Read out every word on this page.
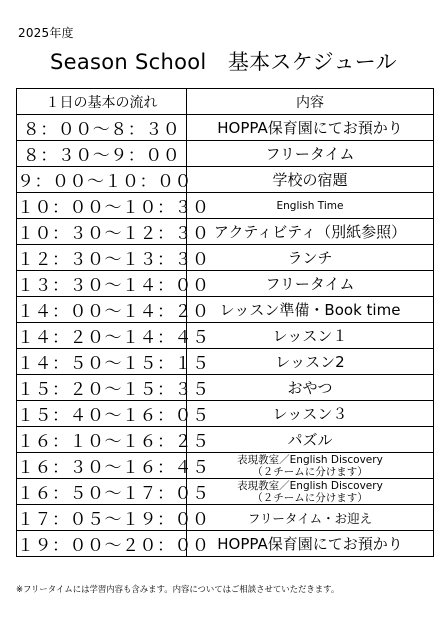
2025年度
Season School　基本スケジュール
１日の基本の流れ	内容
８：００〜８：３０	HOPPA保育園にてお預かり
８：３０〜９：００	フリータイム
９：００〜１０：００	学校の宿題
１０：００〜１０：３０	English Time
１０：３０〜１２：３０	アクティビティ（別紙参照）
１２：３０〜１３：３０	ランチ
１３：３０〜１４：００	フリータイム
１４：００〜１４：２０	レッスン準備・Book time
１４：２０〜１４：４５	レッスン１
１４：５０〜１５：１５	レッスン2
１５：２０〜１５：３５	おやつ
１５：４０〜１６：０５	レッスン３
１６：１０〜１６：２５	パズル
１６：３０〜１６：４５	表現教室／English Discovery
（２チームに分けます）
１６：５０〜１７：０５	表現教室／English Discovery
（２チームに分けます）
１７：０５〜１９：００	フリータイム・お迎え
１９：００〜２０：００	HOPPA保育園にてお預かり
※フリータイムには学習内容も含みます。内容についてはご相談させていただきます。
